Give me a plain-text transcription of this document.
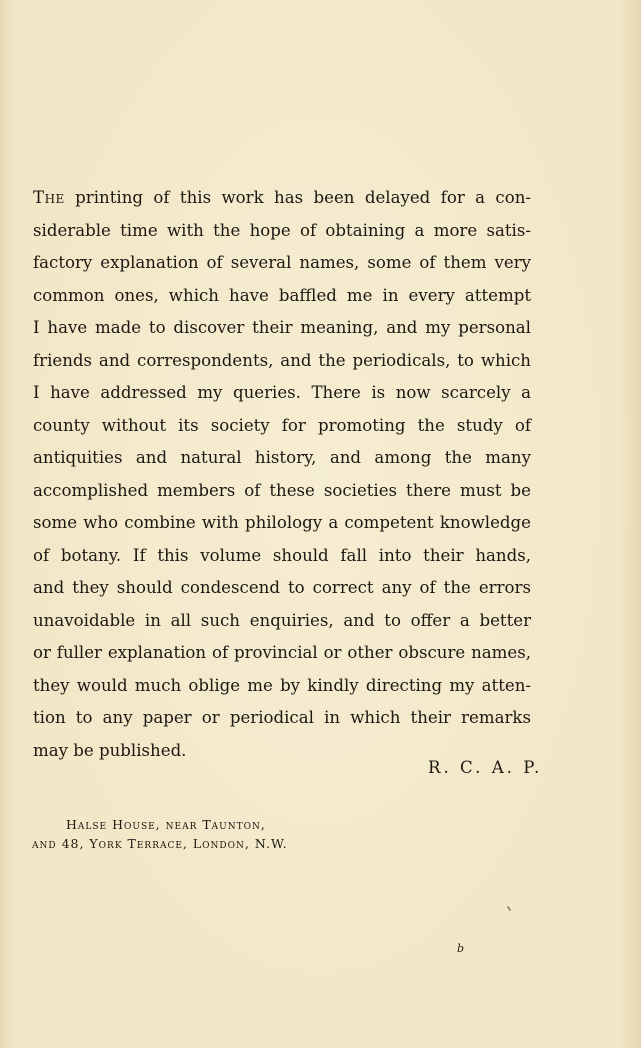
The printing of this work has been delayed for a con-
siderable time with the hope of obtaining a more satis-
factory explanation of several names, some of them very
common ones, which have baffled me in every attempt
I have made to discover their meaning, and my personal
friends and correspondents, and the periodicals, to which
I have addressed my queries. There is now scarcely a
county without its society for promoting the study of
antiquities and natural history, and among the many
accomplished members of these societies there must be
some who combine with philology a competent knowledge
of botany. If this volume should fall into their hands,
and they should condescend to correct any of the errors
unavoidable in all such enquiries, and to offer a better
or fuller explanation of provincial or other obscure names,
they would much oblige me by kindly directing my atten-
tion to any paper or periodical in which their remarks
may be published.

R. C. A. P.

Halse House, near Taunton,
and 48, York Terrace, London, N.W.

b
